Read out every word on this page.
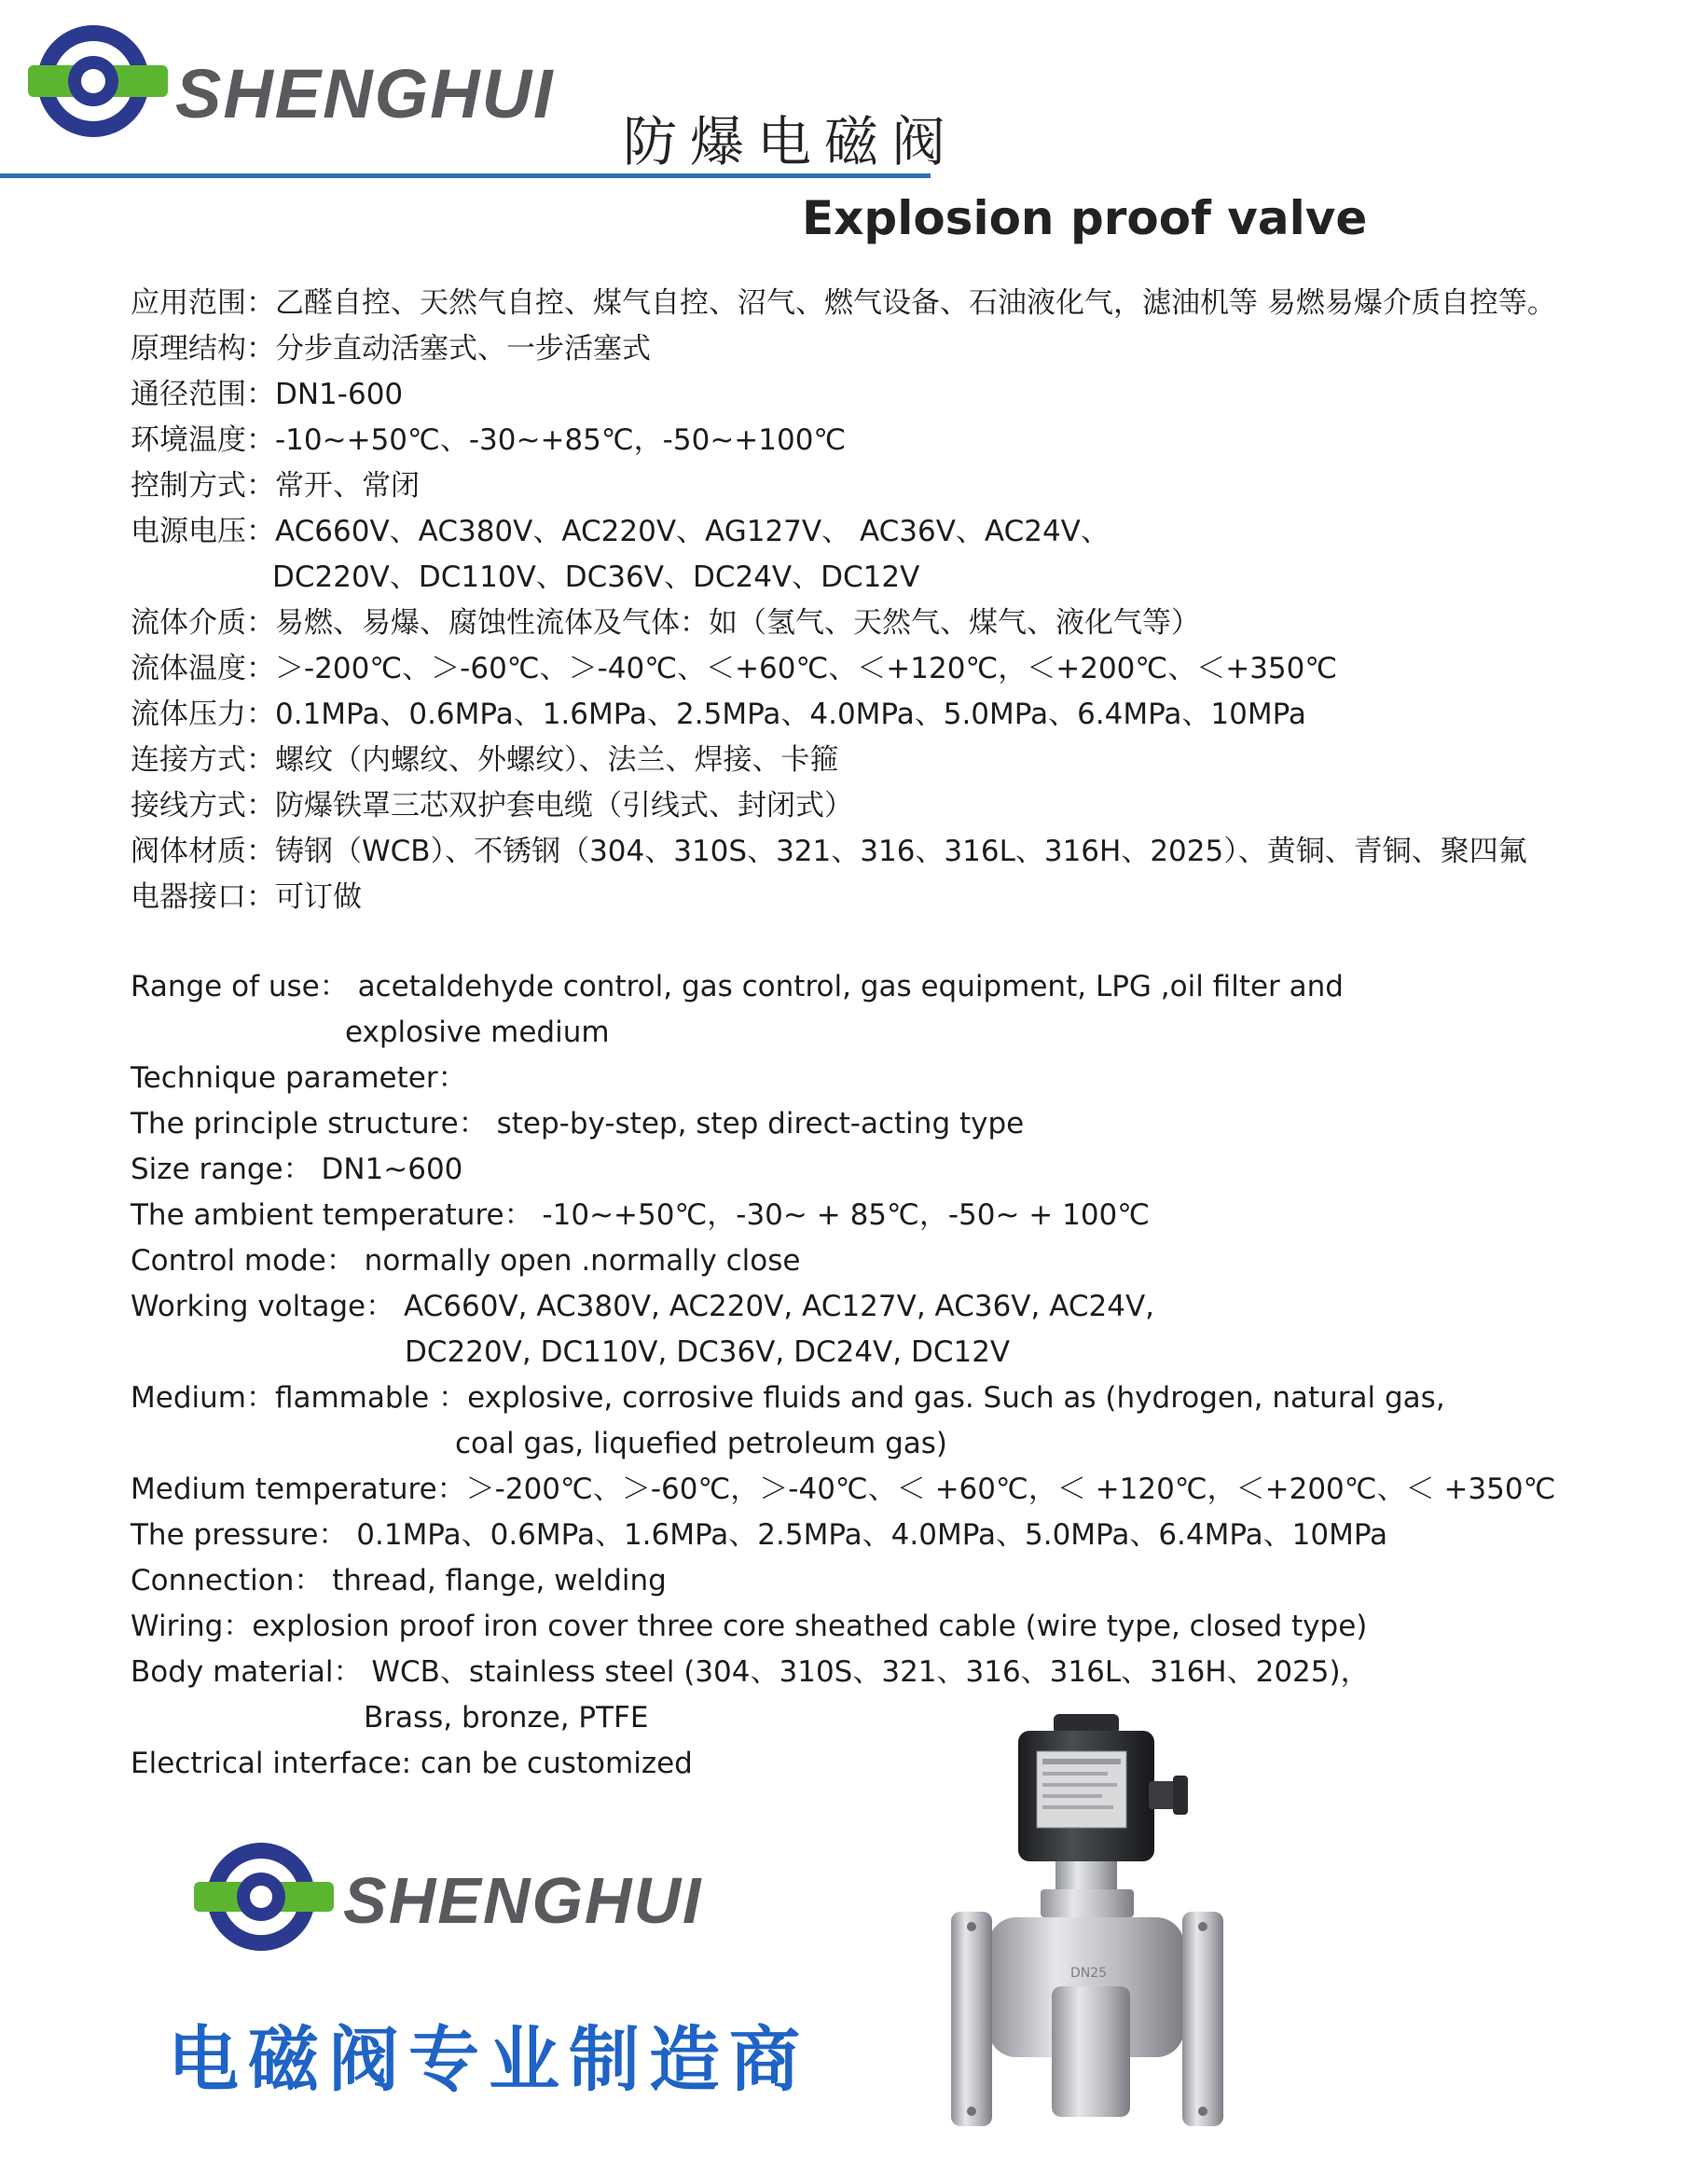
SHENGHUI
防爆电磁阀
Explosion proof valve
应用范围：乙醛自控、天然气自控、煤气自控、沼气、燃气设备、石油液化气，滤油机等 易燃易爆介质自控等。
原理结构：分步直动活塞式、一步活塞式
通径范围：DN1-600
环境温度：-10~+50℃、-30~+85℃，-50~+100℃
控制方式：常开、常闭
电源电压：AC660V、AC380V、AC220V、AG127V、 AC36V、AC24V、
DC220V、DC110V、DC36V、DC24V、DC12V
流体介质：易燃、易爆、腐蚀性流体及气体：如（氢气、天然气、煤气、液化气等）
流体温度：＞-200℃、＞-60℃、＞-40℃、＜+60℃、＜+120℃，＜+200℃、＜+350℃
流体压力：0.1MPa、0.6MPa、1.6MPa、2.5MPa、4.0MPa、5.0MPa、6.4MPa、10MPa
连接方式：螺纹（内螺纹、外螺纹）、法兰、焊接、卡箍
接线方式：防爆铁罩三芯双护套电缆（引线式、封闭式）
阀体材质：铸钢（WCB）、不锈钢（304、310S、321、316、316L、316H、2025）、黄铜、青铜、聚四氟
电器接口：可订做
Range of use： acetaldehyde control, gas control, gas equipment, LPG ,oil filter and
explosive medium
Technique parameter：
The principle structure： step-by-step, step direct-acting type
Size range： DN1~600
The ambient temperature： -10~+50℃，-30~ + 85℃，-50~ + 100℃
Control mode： normally open .normally close
Working voltage： AC660V, AC380V, AC220V, AC127V, AC36V, AC24V,
DC220V, DC110V, DC36V, DC24V, DC12V
Medium：flammable ：explosive, corrosive fluids and gas. Such as (hydrogen, natural gas,
coal gas, liquefied petroleum gas)
Medium temperature：＞-200℃、＞-60℃，＞-40℃、＜ +60℃，＜ +120℃，＜+200℃、＜ +350℃
The pressure： 0.1MPa、0.6MPa、1.6MPa、2.5MPa、4.0MPa、5.0MPa、6.4MPa、10MPa
Connection： thread, flange, welding
Wiring：explosion proof iron cover three core sheathed cable (wire type, closed type)
Body material： WCB、stainless steel (304、310S、321、316、316L、316H、2025)，
Brass, bronze, PTFE
Electrical interface: can be customized
SHENGHUI
电磁阀专业制造商
DN25
